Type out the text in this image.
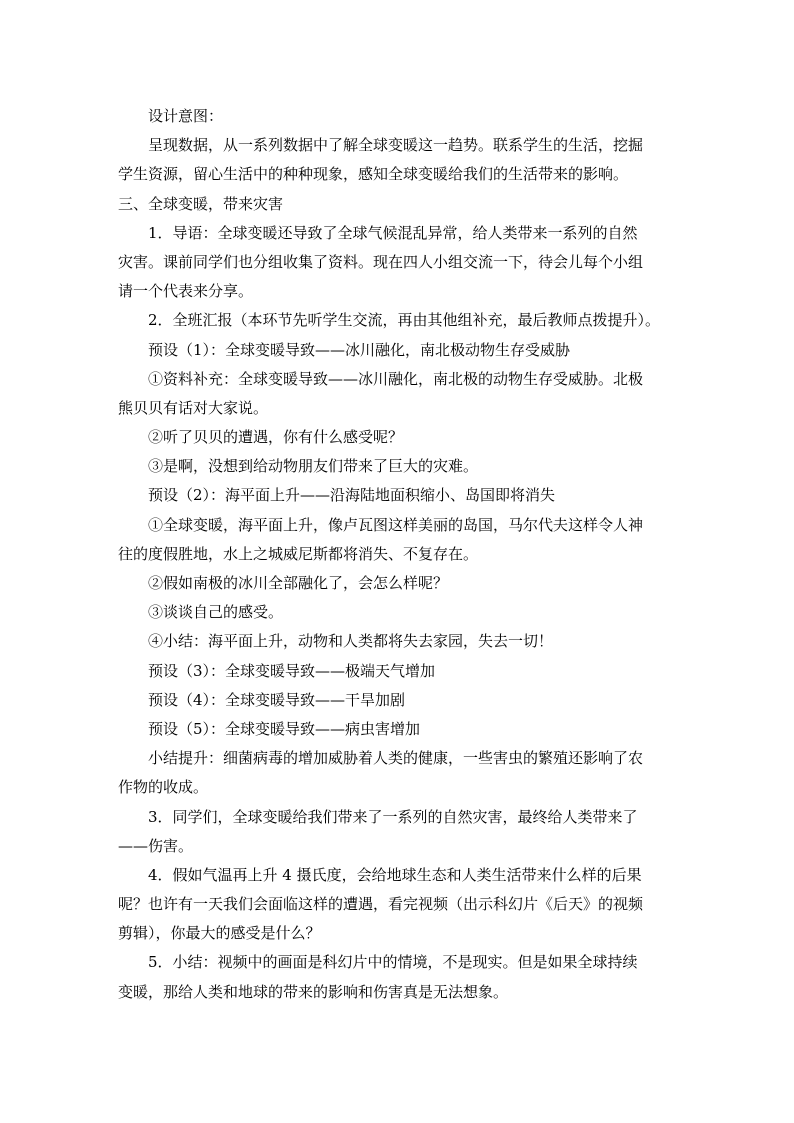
设计意图：
呈现数据，从一系列数据中了解全球变暖这一趋势。联系学生的生活，挖掘
学生资源，留心生活中的种种现象，感知全球变暖给我们的生活带来的影响。
三、全球变暖，带来灾害
1．导语：全球变暖还导致了全球气候混乱异常，给人类带来一系列的自然
灾害。课前同学们也分组收集了资料。现在四人小组交流一下，待会儿每个小组
请一个代表来分享。
2．全班汇报（本环节先听学生交流，再由其他组补充，最后教师点拨提升）。
预设（1）：全球变暖导致——冰川融化，南北极动物生存受威胁
①资料补充：全球变暖导致——冰川融化，南北极的动物生存受威胁。北极
熊贝贝有话对大家说。
②听了贝贝的遭遇，你有什么感受呢？
③是啊，没想到给动物朋友们带来了巨大的灾难。
预设（2）：海平面上升——沿海陆地面积缩小、岛国即将消失
①全球变暖，海平面上升，像卢瓦图这样美丽的岛国，马尔代夫这样令人神
往的度假胜地，水上之城威尼斯都将消失、不复存在。
②假如南极的冰川全部融化了，会怎么样呢？
③谈谈自己的感受。
④小结：海平面上升，动物和人类都将失去家园，失去一切！
预设（3）：全球变暖导致——极端天气增加
预设（4）：全球变暖导致——干旱加剧
预设（5）：全球变暖导致——病虫害增加
小结提升：细菌病毒的增加威胁着人类的健康，一些害虫的繁殖还影响了农
作物的收成。
3．同学们，全球变暖给我们带来了一系列的自然灾害，最终给人类带来了
——伤害。
4．假如气温再上升 4 摄氏度，会给地球生态和人类生活带来什么样的后果
呢？也许有一天我们会面临这样的遭遇，看完视频（出示科幻片《后天》的视频
剪辑），你最大的感受是什么？
5．小结：视频中的画面是科幻片中的情境，不是现实。但是如果全球持续
变暖，那给人类和地球的带来的影响和伤害真是无法想象。
